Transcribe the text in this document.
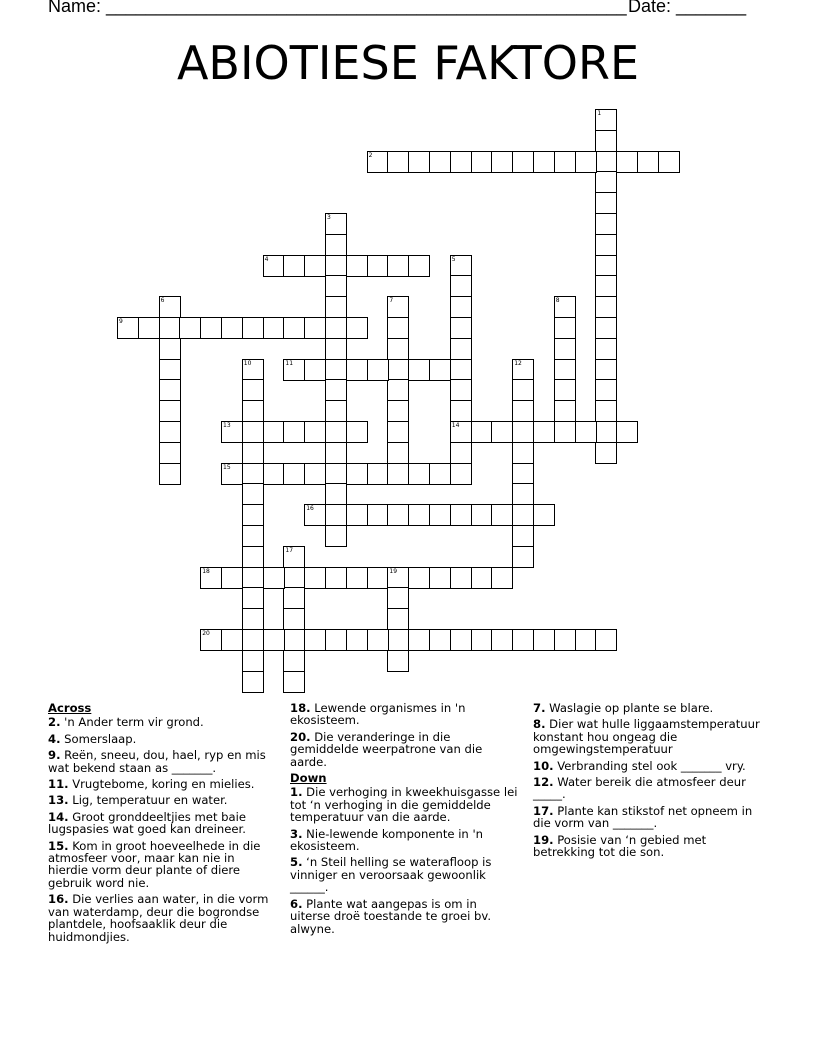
Name: ____________________________________________________ Date: _______
ABIOTIESE FAKTORE
1
2
3
4	5
14
6	7	8
9
10	11	12
13
15
16
17
18	19
20

Across

2. 'n Ander term vir grond.

4. Somerslaap.

9. Reën, sneeu, dou, hael, ryp en mis wat bekend staan as _______.

11. Vrugtebome, koring en mielies.

13. Lig, temperatuur en water.

14. Groot gronddeeltjies met baie lugspasies wat goed kan dreineer.

15. Kom in groot hoeveelhede in die atmosfeer voor, maar kan nie in hierdie vorm deur plante of diere gebruik word nie.

16. Die verlies aan water, in die vorm van waterdamp, deur die bogrondse plantdele, hoofsaaklik deur die huidmondjies.

18. Lewende organismes in 'n ekosisteem.

20. Die veranderinge in die gemiddelde weerpatrone van die aarde.

Down

1. Die verhoging in kweekhuisgasse lei tot ‘n verhoging in die gemiddelde temperatuur van die aarde.

3. Nie-lewende komponente in 'n ekosisteem.

5. ‘n Steil helling se waterafloop is vinniger en veroorsaak gewoonlik ______.

6. Plante wat aangepas is om in uiterse droë toestande te groei bv. alwyne.

7. Waslagie op plante se blare.

8. Dier wat hulle liggaamstemperatuur konstant hou ongeag die omgewingstemperatuur

10. Verbranding stel ook _______ vry.

12. Water bereik die atmosfeer deur _____.

17. Plante kan stikstof net opneem in die vorm van _______.

19. Posisie van ‘n gebied met betrekking tot die son.
